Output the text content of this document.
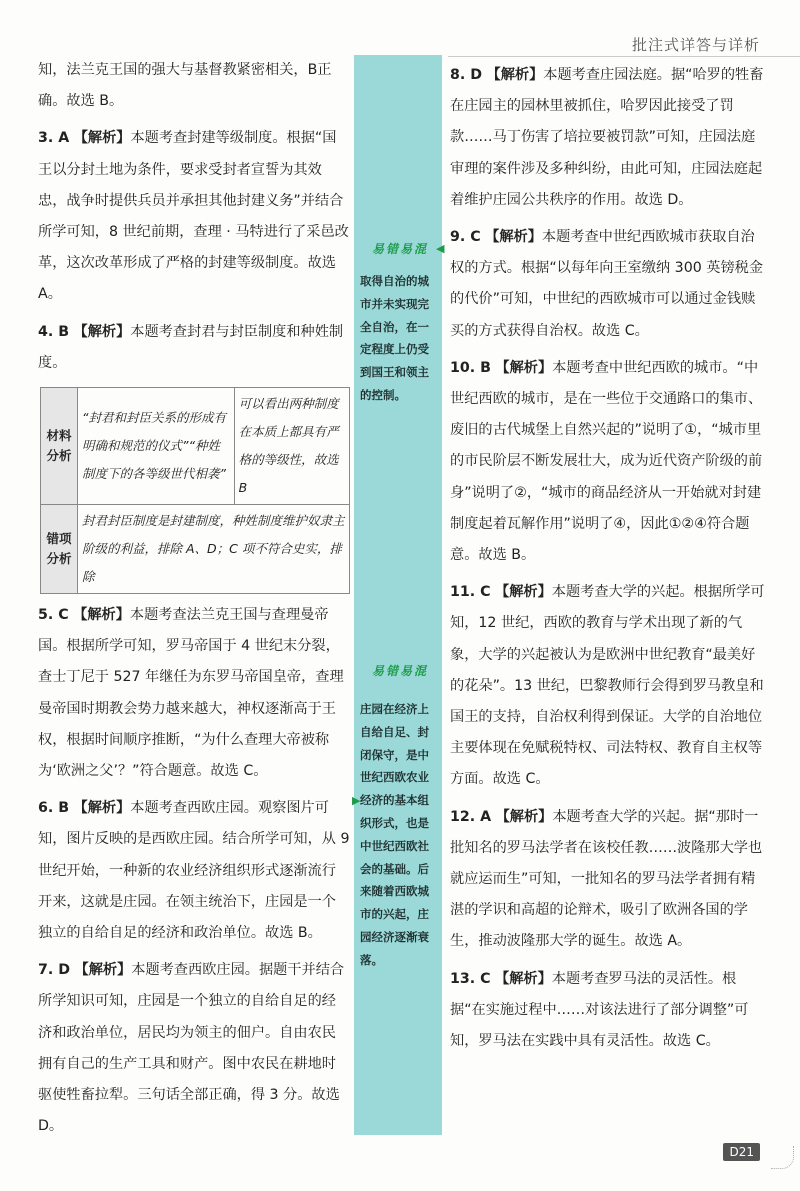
批注式详答与详析

知，法兰克王国的强大与基督教紧密相关，B正确。故选 B。

3. A 【解析】本题考查封建等级制度。根据“国王以分封土地为条件，要求受封者宣誓为其效忠，战争时提供兵员并承担其他封建义务”并结合所学可知，8 世纪前期，查理 · 马特进行了采邑改革，这次改革形成了严格的封建等级制度。故选 A。

4. B 【解析】本题考查封君与封臣制度和种姓制度。

材料分析	“封君和封臣关系的形成有明确和规范的仪式”“种姓制度下的各等级世代相袭”	可以看出两种制度在本质上都具有严格的等级性，故选 B
错项分析	封君封臣制度是封建制度，种姓制度维护奴隶主阶级的利益，排除 A、D；C 项不符合史实，排除	

5. C 【解析】本题考查法兰克王国与查理曼帝国。根据所学可知，罗马帝国于 4 世纪末分裂，查士丁尼于 527 年继任为东罗马帝国皇帝，查理曼帝国时期教会势力越来越大，神权逐渐高于王权，根据时间顺序推断，“为什么查理大帝被称为‘欧洲之父’？”符合题意。故选 C。

6. B 【解析】本题考查西欧庄园。观察图片可知，图片反映的是西欧庄园。结合所学可知，从 9 世纪开始，一种新的农业经济组织形式逐渐流行开来，这就是庄园。在领主统治下，庄园是一个独立的自给自足的经济和政治单位。故选 B。

7. D 【解析】本题考查西欧庄园。据题干并结合所学知识可知，庄园是一个独立的自给自足的经济和政治单位，居民均为领主的佃户。自由农民拥有自己的生产工具和财产。图中农民在耕地时驱使牲畜拉犁。三句话全部正确，得 3 分。故选 D。

易错易混
取得自治的城市并未实现完全自治，在一定程度上仍受到国王和领主的控制。
易错易混
庄园在经济上自给自足、封闭保守，是中世纪西欧农业经济的基本组织形式，也是中世纪西欧社会的基础。后来随着西欧城市的兴起，庄园经济逐渐衰落。
◀
▶

8. D 【解析】本题考查庄园法庭。据“哈罗的牲畜在庄园主的园林里被抓住，哈罗因此接受了罚款……马丁伤害了培拉要被罚款”可知，庄园法庭审理的案件涉及多种纠纷，由此可知，庄园法庭起着维护庄园公共秩序的作用。故选 D。

9. C 【解析】本题考查中世纪西欧城市获取自治权的方式。根据“以每年向王室缴纳 300 英镑税金的代价”可知，中世纪的西欧城市可以通过金钱赎买的方式获得自治权。故选 C。

10. B 【解析】本题考查中世纪西欧的城市。“中世纪西欧的城市，是在一些位于交通路口的集市、废旧的古代城堡上自然兴起的”说明了①，“城市里的市民阶层不断发展壮大，成为近代资产阶级的前身”说明了②，“城市的商品经济从一开始就对封建制度起着瓦解作用”说明了④，因此①②④符合题意。故选 B。

11. C 【解析】本题考查大学的兴起。根据所学可知，12 世纪，西欧的教育与学术出现了新的气象，大学的兴起被认为是欧洲中世纪教育“最美好的花朵”。13 世纪，巴黎教师行会得到罗马教皇和国王的支持，自治权利得到保证。大学的自治地位主要体现在免赋税特权、司法特权、教育自主权等方面。故选 C。

12. A 【解析】本题考查大学的兴起。据“那时一批知名的罗马法学者在该校任教……波隆那大学也就应运而生”可知，一批知名的罗马法学者拥有精湛的学识和高超的论辩术，吸引了欧洲各国的学生，推动波隆那大学的诞生。故选 A。

13. C 【解析】本题考查罗马法的灵活性。根据“在实施过程中……对该法进行了部分调整”可知，罗马法在实践中具有灵活性。故选 C。

D21
